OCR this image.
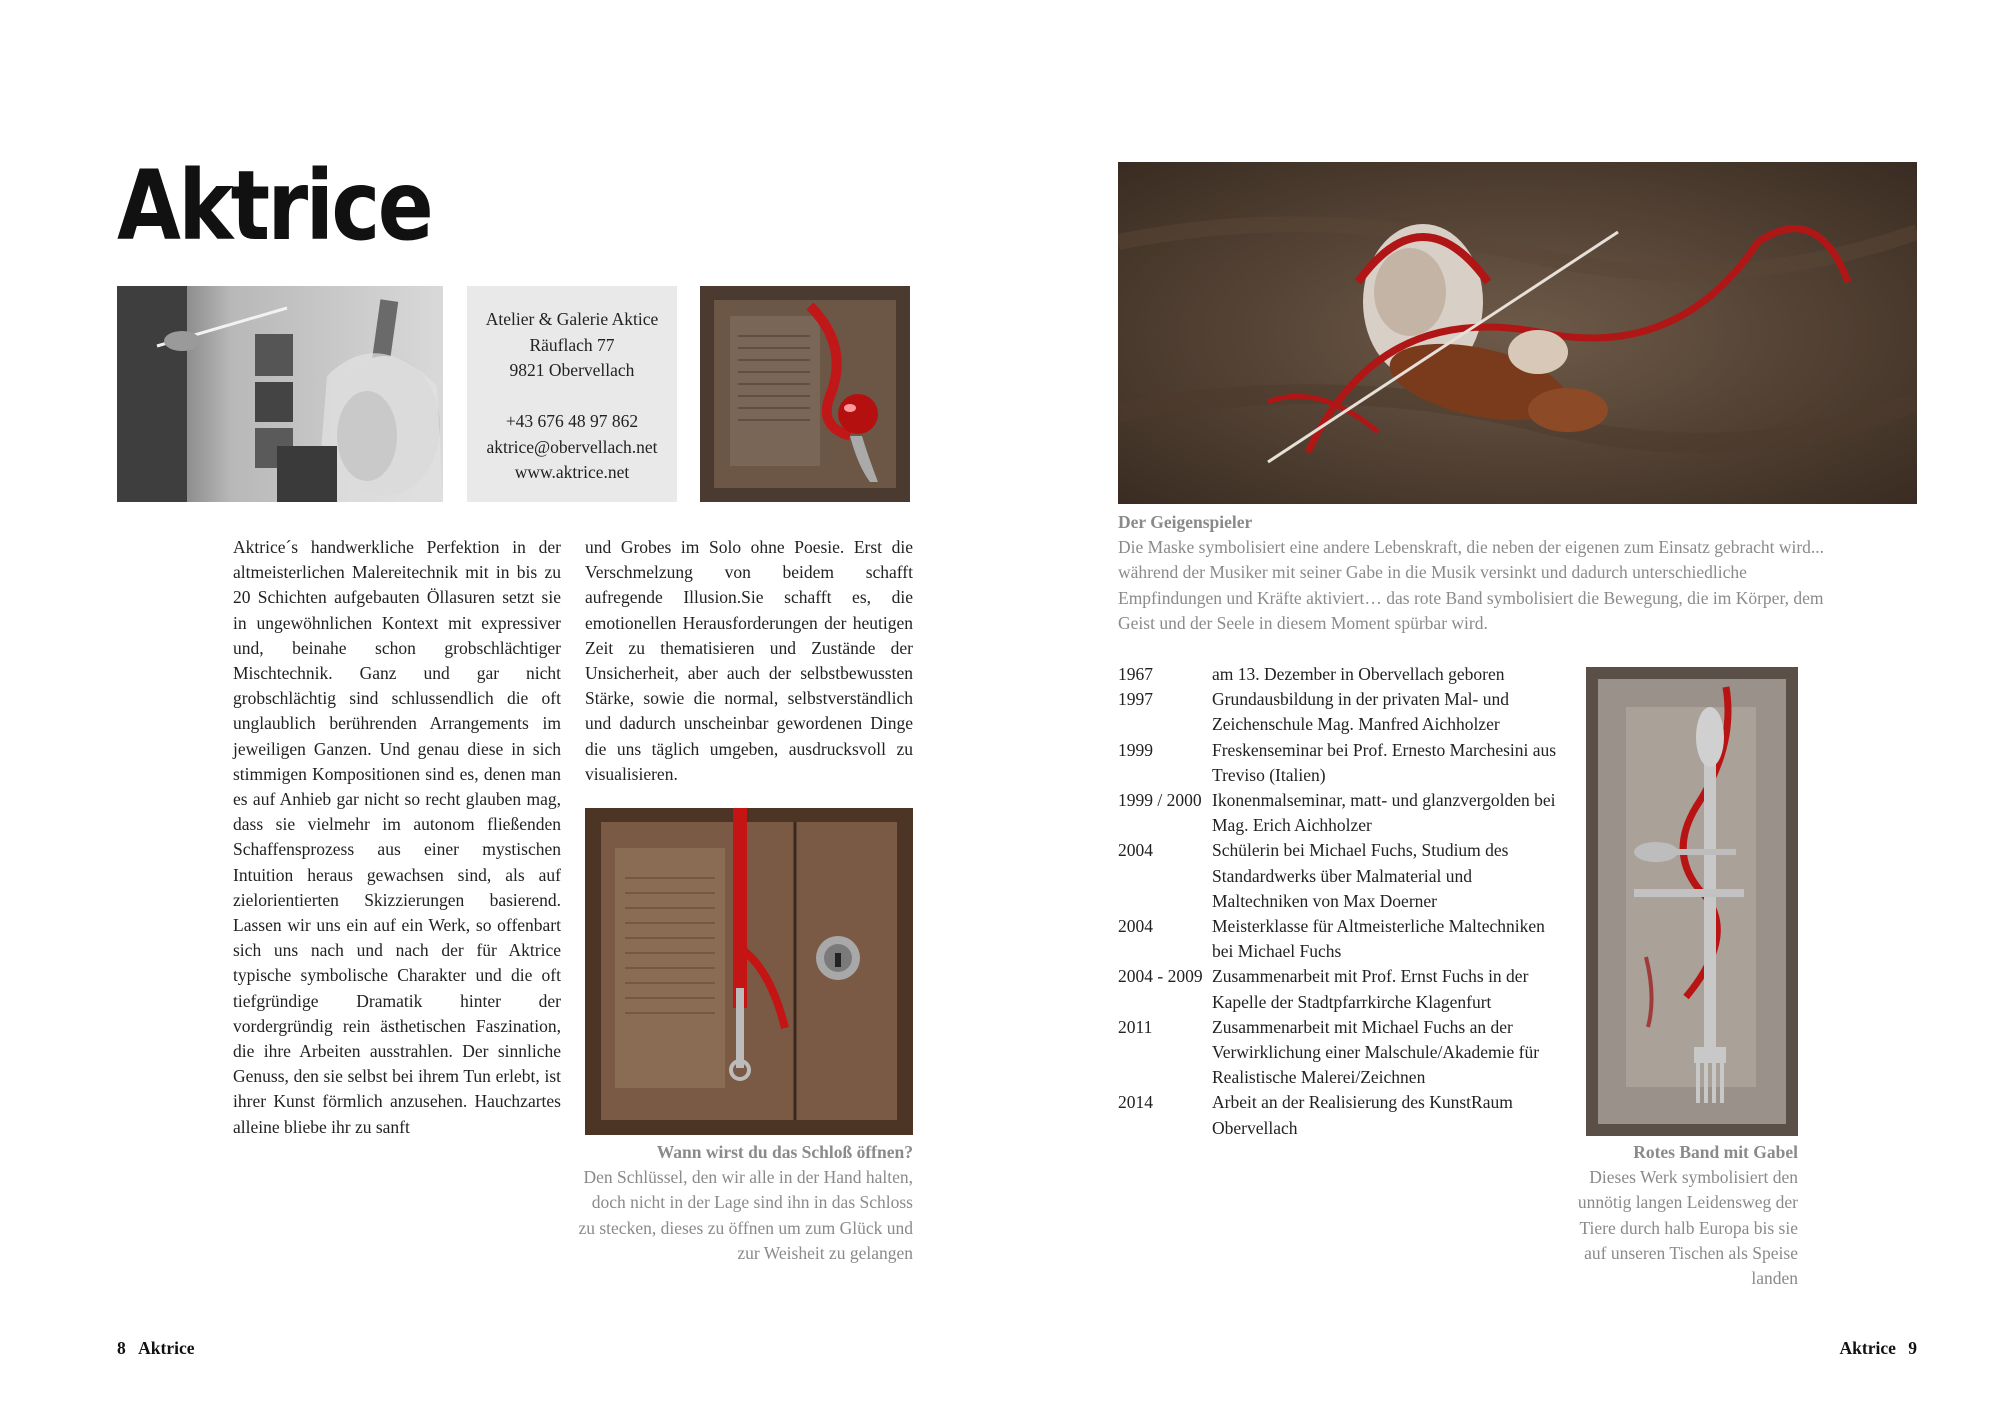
Aktrice
Atelier & Galerie Aktice
Räuflach 77
9821 Obervellach
+43 676 48 97 862
aktrice@obervellach.net
www.aktrice.net
Aktrice´s handwerkliche Perfektion in der altmeisterlichen Malereitechnik mit in bis zu 20 Schichten aufgebauten Öllasuren setzt sie in ungewöhnlichen Kontext mit expressiver und, beinahe schon grobschlächtiger Mischtechnik. Ganz und gar nicht grobschlächtig sind schlussendlich die oft unglaublich berührenden Arrangements im jeweiligen Ganzen. Und genau diese in sich stimmigen Kompositionen sind es, denen man es auf Anhieb gar nicht so recht glauben mag, dass sie vielmehr im autonom fließenden Schaffensprozess aus einer mystischen Intuition heraus gewachsen sind, als auf zielorientierten Skizzierungen basierend. Lassen wir uns ein auf ein Werk, so offenbart sich uns nach und nach der für Aktrice typische symbolische Charakter und die oft tiefgründige Dramatik hinter der vordergründig rein ästhetischen Faszination, die ihre Arbeiten ausstrahlen. Der sinnliche Genuss, den sie selbst bei ihrem Tun erlebt, ist ihrer Kunst förmlich anzusehen. Hauchzartes alleine bliebe ihr zu sanft
und Grobes im Solo ohne Poesie. Erst die Verschmelzung von beidem schafft aufregende Illusion.Sie schafft es, die emotionellen Herausforderungen der heutigen Zeit zu thematisieren und Zustände der Unsicherheit, aber auch der selbstbewussten Stärke, sowie die normal, selbstverständlich und dadurch unscheinbar gewordenen Dinge die uns täglich umgeben, ausdrucksvoll zu visualisieren.
Wann wirst du das Schloß öffnen?
Den Schlüssel, den wir alle in der Hand halten, doch nicht in der Lage sind ihn in das Schloss zu stecken, dieses zu öffnen um zum Glück und zur Weisheit zu gelangen
Der Geigenspieler
Die Maske symbolisiert eine andere Lebenskraft, die neben der eigenen zum Einsatz gebracht wird... während der Musiker mit seiner Gabe in die Musik versinkt und dadurch unterschiedliche Empfindungen und Kräfte aktiviert… das rote Band symbolisiert die Bewegung, die im Körper, dem Geist und der Seele in diesem Moment spürbar wird.
1967	am 13. Dezember in Obervellach geboren
1997	Grundausbildung in der privaten Mal- und Zeichenschule Mag. Manfred Aichholzer
1999	Freskenseminar bei Prof. Ernesto Marchesini aus Treviso (Italien)
1999 / 2000 Ikonenmalseminar, matt- und glanzvergolden bei Mag. Erich Aichholzer
2004	Schülerin bei Michael Fuchs, Studium des Standardwerks über Malmaterial und Maltechniken von Max Doerner
2004	Meisterklasse für Altmeisterliche Maltechniken bei Michael Fuchs
2004 - 2009 Zusammenarbeit mit Prof. Ernst Fuchs in der Kapelle der Stadtpfarrkirche Klagenfurt
2011	Zusammenarbeit mit Michael Fuchs an der Verwirklichung einer Malschule/Akademie für Realistische Malerei/Zeichnen
2014	Arbeit an der Realisierung des KunstRaum Obervellach
Rotes Band mit Gabel
Dieses Werk symbolisiert den unnötig langen Leidensweg der Tiere durch halb Europa bis sie auf unseren Tischen als Speise landen
8 Aktrice	Aktrice 9
